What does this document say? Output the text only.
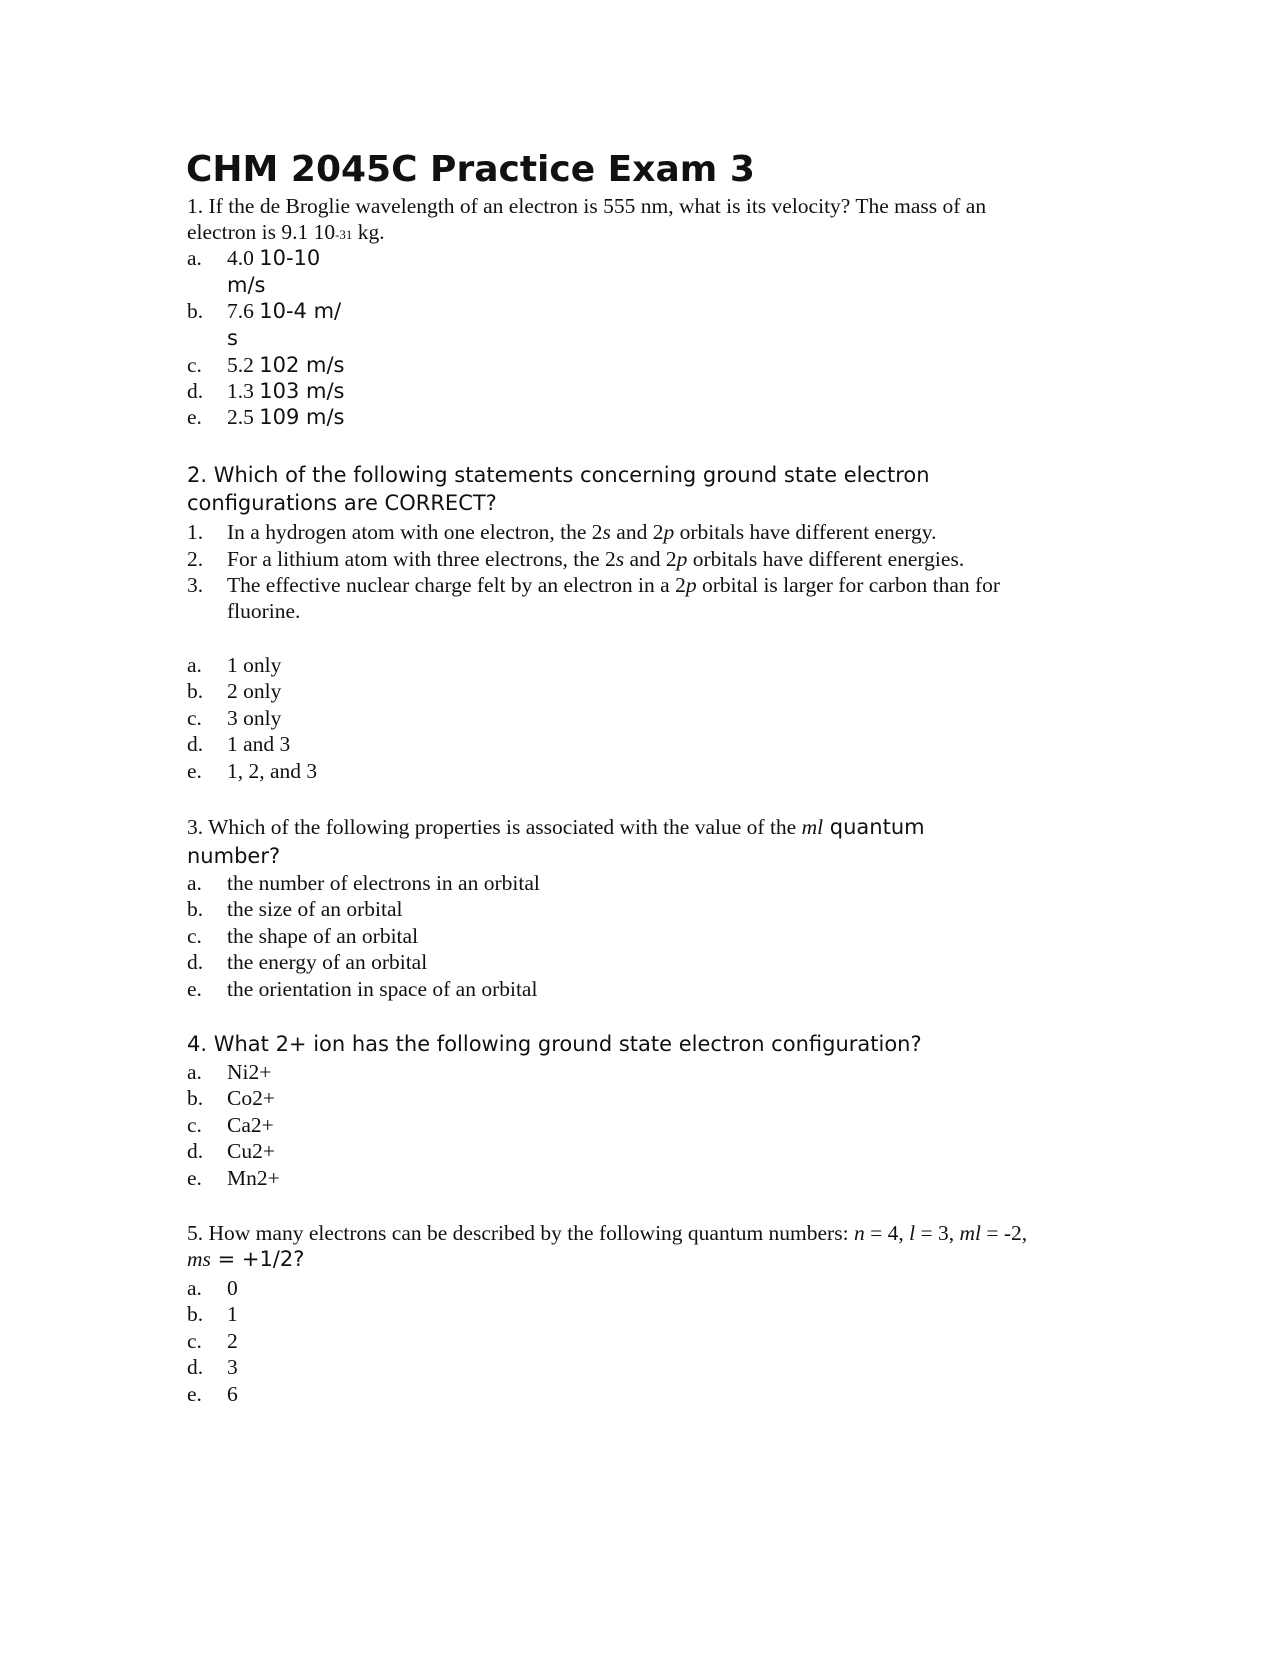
CHM 2045C Practice Exam 3
1. If the de Broglie wavelength of an electron is 555 nm, what is its velocity? The mass of an
electron is 9.1 10-31 kg.
a. 4.0 10-10
m/s
b. 7.6 10-4 m/
s
c. 5.2 102 m/s
d. 1.3 103 m/s
e. 2.5 109 m/s
2. Which of the following statements concerning ground state electron
configurations are CORRECT?
1. In a hydrogen atom with one electron, the 2s and 2p orbitals have different energy.
2. For a lithium atom with three electrons, the 2s and 2p orbitals have different energies.
3. The effective nuclear charge felt by an electron in a 2p orbital is larger for carbon than for
fluorine.
a. 1 only
b. 2 only
c. 3 only
d. 1 and 3
e. 1, 2, and 3
3. Which of the following properties is associated with the value of the ml quantum
number?
a. the number of electrons in an orbital
b. the size of an orbital
c. the shape of an orbital
d. the energy of an orbital
e. the orientation in space of an orbital
4. What 2+ ion has the following ground state electron configuration?
a. Ni2+
b. Co2+
c. Ca2+
d. Cu2+
e. Mn2+
5. How many electrons can be described by the following quantum numbers: n = 4, l = 3, ml = -2,
ms = +1/2?
a. 0
b. 1
c. 2
d. 3
e. 6
